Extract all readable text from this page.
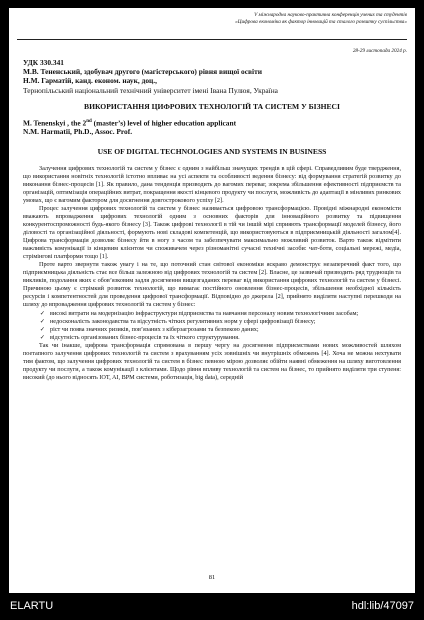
V міжнародна науково-практична конференція учених та студентів
«Цифрова економіка як фактор інновацій та сталого розвитку суспільства»
28-29 листопада 2024 р.
УДК 330.341
М.В. Тененський, здобувач другого (магістерського) рівня вищої освіти
Н.М. Гарматій, канд. економ. наук, доц.,
Тернопільський національний технічний університет імені Івана Пулюя, Україна
ВИКОРИСТАННЯ ЦИФРОВИХ ТЕХНОЛОГІЙ ТА СИСТЕМ У БІЗНЕСІ
M. Tenenskyi , the 2nd (master’s) level of higher education applicant
N.M. Harmatii, Ph.D., Assoc. Prof.
USE OF DIGITAL TECHNOLOGIES AND SYSTEMS IN BUSINESS

Залучення цифрових технологій та систем у бізнес є одним з найбільш значущих трендів в цій сфері. Справедливим буде твердження, що використання новітніх технологій істотно впливає на усі аспекти та особливості ведення бізнесу: від формування стратегій розвитку до виконання бізнес-процесів [1]. Як правило, дана тенденція призводить до вагомих переваг, зокрема збільшення ефективності підприємств та організацій, оптимізація операційних витрат, покращення якості кінцевого продукту чи послуги, можливість до адаптації в мінливих ринкових умовах, що є вагомим фактором для досягнення довгострокового успіху [2].

Процес залучення цифрових технологій та систем у бізнес називається цифровою трансформацією. Провідні міжнародні економісти вважають впровадження цифрових технологій одним з основних факторів для інноваційного розвитку та підвищення конкурентоспроможності будь-якого бізнесу [3]. Також цифрові технології в тій чи іншій мірі сприяють трансформації моделей бізнесу, його діловості та організаційної діяльності, формують нові складові компетенцій, що використовуються в підприємницькій діяльності загалом[4]. Цифрова трансформація дозволяє бізнесу йти в ногу з часом та забезпечувати максимально можливий розвиток. Варто також відмітити важливість комунікації із кінцевим клієнтом чи споживачем через різноманітні сучасні технічні засоби: чат-боти, соціальні мережі, медіа, стрімінгові платформи тощо [1].

Проте варто звернути також увагу і на те, що поточний стан світової економіки яскраво демонструє незаперечний факт того, що підприємницька діяльність стає все більш залежною від цифрових технологій та систем [2]. Власне, це зазвичай призводить ряд труднощів та викликів, подолання яких є обов’язковим задля досягнення вищезгаданих переваг від використання цифрових технологій та систем у бізнесі. Причиною цьому є стрімкий розвиток технологій, що вимагає постійного оновлення бізнес-процесів, збільшення необхідної кількість ресурсів і компетентностей для проведення цифрової трансформації. Відповідно до джерела [2], прийнято виділяти наступні перешкоди на шляху до впровадження цифрових технологій та систем у бізнес:

✓ високі витрати на модернізацію інфраструктури підприємства та навчання персоналу новим технологічним засобам;
✓ недосконалість законодавства та відсутність чітких регулятивних норм у сфері цифровізації бізнесу;
✓ ріст чи поява значних ризиків, пов’язаних з кіберзагрозами та безпекою даних;
✓ відсутність організованих бізнес-процесів та їх чіткого структурування.

Так чи інакше, цифрова трансформація спрямована в першу чергу на досягнення підприємствами нових можливостей шляхом поетапного залучення цифрових технологій та систем з врахуванням усіх зовнішніх чи внутрішніх обмежень [4]. Хоча не можна нехтувати тим фактом, що залучення цифрових технологій та систем в бізнес певною мірою дозволяє обійти наявні обмеження на шляху виготовлення продукту чи послуги, а також комунікації з клієнтами. Щодо рівня впливу технологій та систем на бізнес, то прийнято виділяти три ступеня: високий (до нього відносять IOT, AI, BPM системи, роботизація, big data), середній

81
ELARTU	hdl:lib/47097
